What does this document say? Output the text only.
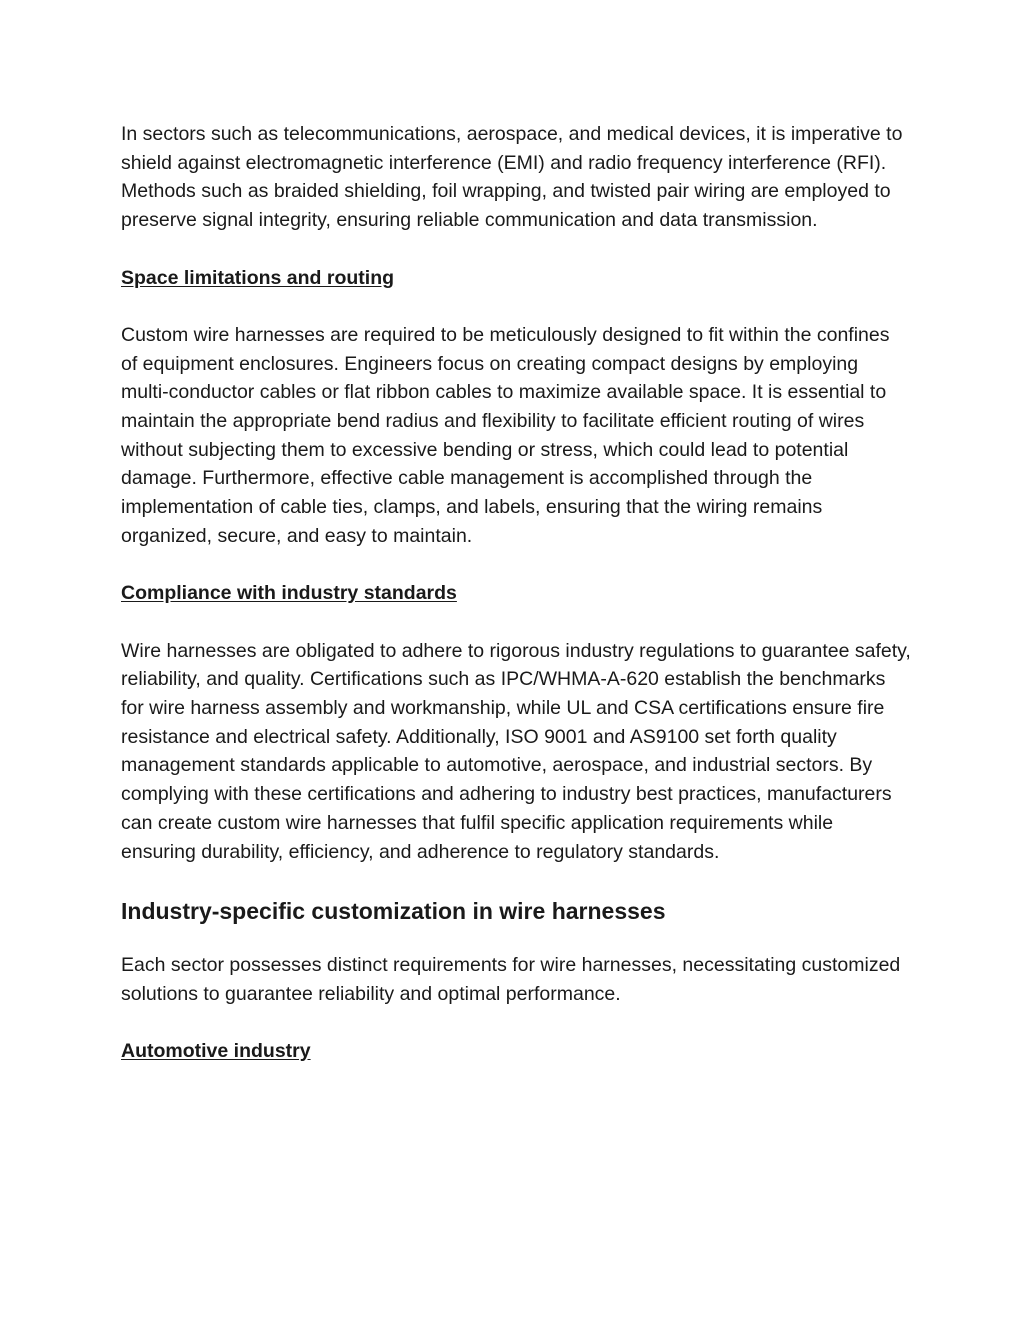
In sectors such as telecommunications, aerospace, and medical devices, it is imperative to shield against electromagnetic interference (EMI) and radio frequency interference (RFI). Methods such as braided shielding, foil wrapping, and twisted pair wiring are employed to preserve signal integrity, ensuring reliable communication and data transmission.

Space limitations and routing

Custom wire harnesses are required to be meticulously designed to fit within the confines of equipment enclosures. Engineers focus on creating compact designs by employing multi-conductor cables or flat ribbon cables to maximize available space. It is essential to maintain the appropriate bend radius and flexibility to facilitate efficient routing of wires without subjecting them to excessive bending or stress, which could lead to potential damage. Furthermore, effective cable management is accomplished through the implementation of cable ties, clamps, and labels, ensuring that the wiring remains organized, secure, and easy to maintain.

Compliance with industry standards

Wire harnesses are obligated to adhere to rigorous industry regulations to guarantee safety, reliability, and quality. Certifications such as IPC/WHMA-A-620 establish the benchmarks for wire harness assembly and workmanship, while UL and CSA certifications ensure fire resistance and electrical safety. Additionally, ISO 9001 and AS9100 set forth quality management standards applicable to automotive, aerospace, and industrial sectors. By complying with these certifications and adhering to industry best practices, manufacturers can create custom wire harnesses that fulfil specific application requirements while ensuring durability, efficiency, and adherence to regulatory standards.

Industry-specific customization in wire harnesses

Each sector possesses distinct requirements for wire harnesses, necessitating customized solutions to guarantee reliability and optimal performance.

Automotive industry
